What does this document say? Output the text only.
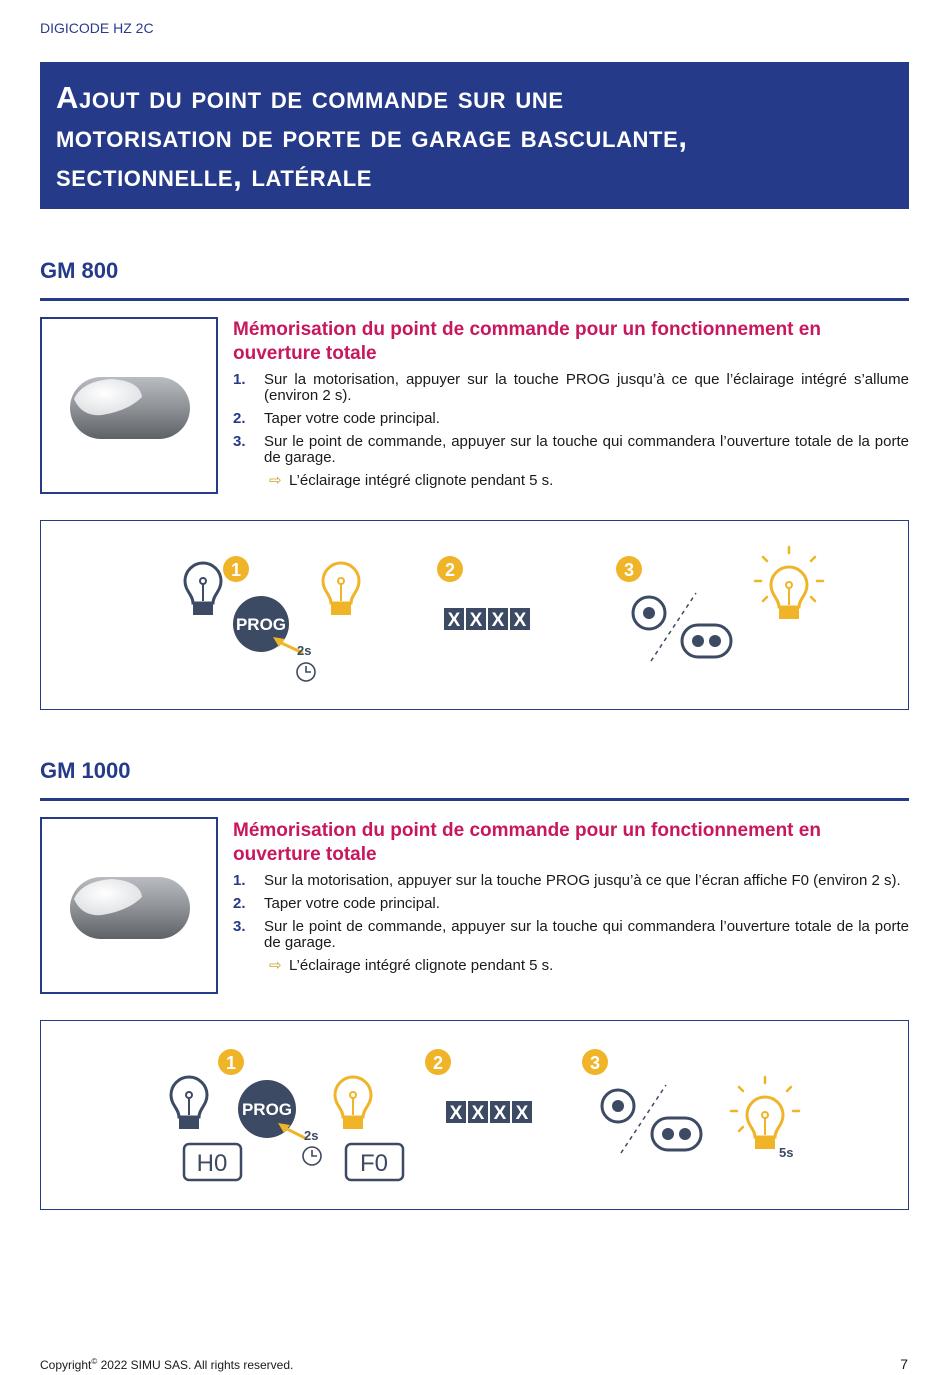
DIGICODE HZ 2C
Ajout du point de commande sur une
motorisation de porte de garage basculante,
sectionnelle, latérale
GM 800
Mémorisation du point de commande pour un fonctionnement en
ouverture totale
1.	Sur la motorisation, appuyer sur la touche PROG jusqu’à ce que l’éclairage intégré s’allume (environ 2 s).
2.	Taper votre code principal.
3.	Sur le point de commande, appuyer sur la touche qui commandera l’ouverture totale de la porte de garage.
⇨ L’éclairage intégré clignote pendant 5 s.
1
PROG
2s
2
X X X X
3
GM 1000
Mémorisation du point de commande pour un fonctionnement en
ouverture totale
1.	Sur la motorisation, appuyer sur la touche PROG jusqu’à ce que l’écran affiche F0 (environ 2 s).
2.	Taper votre code principal.
3.	Sur le point de commande, appuyer sur la touche qui commandera l’ouverture totale de la porte de garage.
⇨ L’éclairage intégré clignote pendant 5 s.
H0
1
PROG
2s
F0
2
X X X X
3
5s
Copyright© 2022 SIMU SAS. All rights reserved.	7
